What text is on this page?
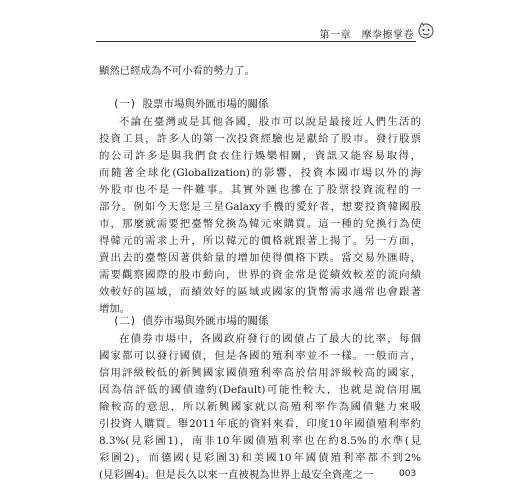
第一章　摩拳擦掌卷
顯然已經成為不可小看的勢力了。
(一) 股票市場與外匯市場的關係
不論在臺灣或是其他各國，股市可以說是最接近人們生活的
投資工具，許多人的第一次投資經驗也是獻給了股市。發行股票
的公司許多是與我們食衣住行娛樂相關，資訊又能容易取得，
而隨著全球化(Globalization)的影響，投資本國市場以外的海
外股市也不是一件難事。其實外匯也摻在了股票投資流程的一
部分。例如今天您是三星Galaxy手機的愛好者，想要投資韓國股
市，那麼就需要把臺幣兌換為韓元來購買。這一種的兌換行為使
得韓元的需求上升，所以韓元的價格就跟著上揚了。另一方面，
賣出去的臺幣因著供給量的增加使得價格下跌。當交易外匯時，
需要觀察國際的股市動向，世界的資金常是從績效較差的流向績
效較好的區域，而績效好的區域或國家的貨幣需求通常也會跟著
增加。
(二) 債券市場與外匯市場的關係
在債券市場中，各國政府發行的國債占了最大的比率，每個
國家都可以發行國債，但是各國的殖利率並不一樣。一般而言，
信用評級較低的新興國家國債殖利率高於信用評級較高的國家，
因為信評低的國債違約(Default)可能性較大，也就是說信用風
險較高的意思，所以新興國家就以高殖利率作為國債魅力來吸
引投資人購買。舉2011年底的資料來看，印度10年國債殖利率約
8.3%(見彩圖1)，南非10年國債殖利率也在約8.5%的水準(見
彩圖2)，而德國(見彩圖3)和美國10年國債殖利率都不到2%
(見彩圖4)。但是長久以來一直被視為世界上最安全資產之一	003
